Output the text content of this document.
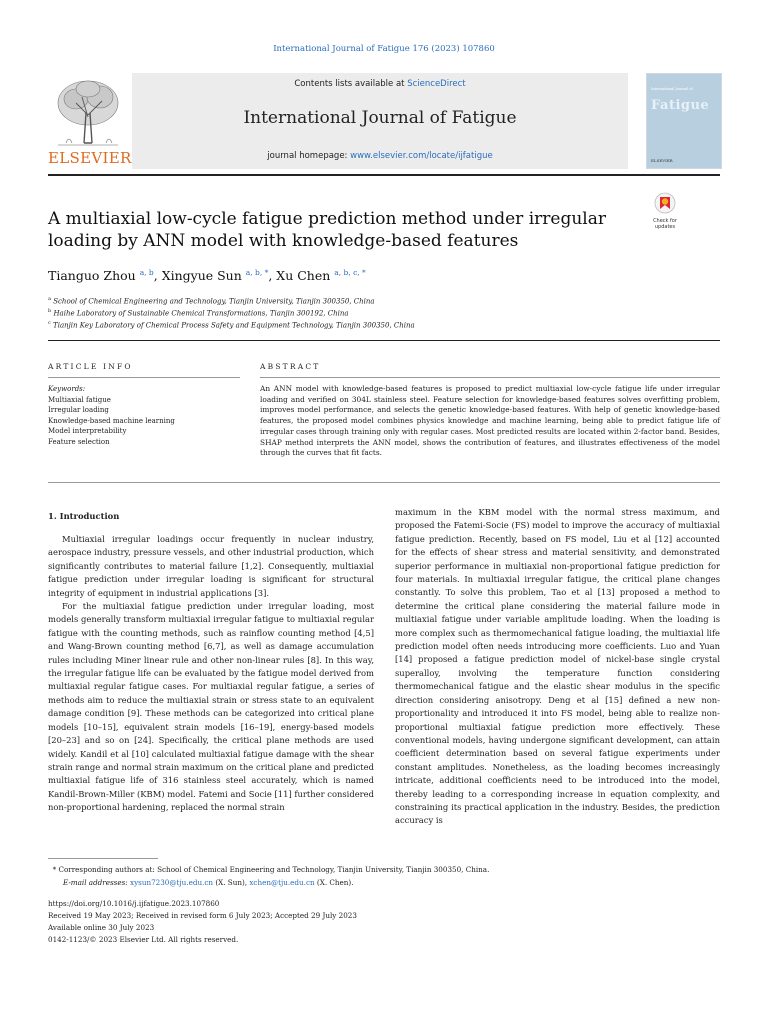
International Journal of Fatigue 176 (2023) 107860
ELSEVIER
Contents lists available at ScienceDirect
International Journal of Fatigue
journal homepage: www.elsevier.com/locate/ijfatigue
International Journal of
Fatigue
ELSEVIER
A multiaxial low-cycle fatigue prediction method under irregular loading by ANN model with knowledge-based features
Check for updates
Tianguo Zhou $^{a, b}$, Xingyue Sun $^{a, b, *}$, Xu Chen $^{a, b, c, *}$
$^a$ School of Chemical Engineering and Technology, Tianjin University, Tianjin 300350, China
$^b$ Haihe Laboratory of Sustainable Chemical Transformations, Tianjin 300192, China
$^c$ Tianjin Key Laboratory of Chemical Process Safety and Equipment Technology, Tianjin 300350, China
ARTICLE INFO
Keywords:
Multiaxial fatigue
Irregular loading
Knowledge-based machine learning
Model interpretability
Feature selection
ABSTRACT
An ANN model with knowledge-based features is proposed to predict multiaxial low-cycle fatigue life under irregular loading and verified on 304L stainless steel. Feature selection for knowledge-based features solves overfitting problem, improves model performance, and selects the genetic knowledge-based features. With help of genetic knowledge-based features, the proposed model combines physics knowledge and machine learning, being able to predict fatigue life of irregular cases through training only with regular cases. Most predicted results are located within 2-factor band. Besides, SHAP method interprets the ANN model, shows the contribution of features, and illustrates effectiveness of the model through the curves that fit facts.
1. Introduction

Multiaxial irregular loadings occur frequently in nuclear industry, aerospace industry, pressure vessels, and other industrial production, which significantly contributes to material failure [1,2]. Consequently, multiaxial fatigue prediction under irregular loading is significant for structural integrity of equipment in industrial applications [3].

For the multiaxial fatigue prediction under irregular loading, most models generally transform multiaxial irregular fatigue to multiaxial regular fatigue with the counting methods, such as rainflow counting method [4,5] and Wang-Brown counting method [6,7], as well as damage accumulation rules including Miner linear rule and other non-linear rules [8]. In this way, the irregular fatigue life can be evaluated by the fatigue model derived from multiaxial regular fatigue cases. For multiaxial regular fatigue, a series of methods aim to reduce the multiaxial strain or stress state to an equivalent damage condition [9]. These methods can be categorized into critical plane models [10–15], equivalent strain models [16–19], energy-based models [20–23] and so on [24]. Specifically, the critical plane methods are used widely. Kandil et al [10] calculated multiaxial fatigue damage with the shear strain range and normal strain maximum on the critical plane and predicted multiaxial fatigue life of 316 stainless steel accurately, which is named Kandil-Brown-Miller (KBM) model. Fatemi and Socie [11] further considered non-proportional hardening, replaced the normal strain

maximum in the KBM model with the normal stress maximum, and proposed the Fatemi-Socie (FS) model to improve the accuracy of multiaxial fatigue prediction. Recently, based on FS model, Liu et al [12] accounted for the effects of shear stress and material sensitivity, and demonstrated superior performance in multiaxial non-proportional fatigue prediction for four materials. In multiaxial irregular fatigue, the critical plane changes constantly. To solve this problem, Tao et al [13] proposed a method to determine the critical plane considering the material failure mode in multiaxial fatigue under variable amplitude loading. When the loading is more complex such as thermomechanical fatigue loading, the multiaxial life prediction model often needs introducing more coefficients. Luo and Yuan [14] proposed a fatigue prediction model of nickel-base single crystal superalloy, involving the temperature function considering thermomechanical fatigue and the elastic shear modulus in the specific direction considering anisotropy. Deng et al [15] defined a new non-proportionality and introduced it into FS model, being able to realize non-proportional multiaxial fatigue prediction more effectively. These conventional models, having undergone significant development, can attain coefficient determination based on several fatigue experiments under constant amplitudes. Nonetheless, as the loading becomes increasingly intricate, additional coefficients need to be introduced into the model, thereby leading to a corresponding increase in equation complexity, and constraining its practical application in the industry. Besides, the prediction accuracy is

* Corresponding authors at: School of Chemical Engineering and Technology, Tianjin University, Tianjin 300350, China.
E-mail addresses: xysun7230@tju.edu.cn (X. Sun), xchen@tju.edu.cn (X. Chen).
https://doi.org/10.1016/j.ijfatigue.2023.107860
Received 19 May 2023; Received in revised form 6 July 2023; Accepted 29 July 2023
Available online 30 July 2023
0142-1123/© 2023 Elsevier Ltd. All rights reserved.
